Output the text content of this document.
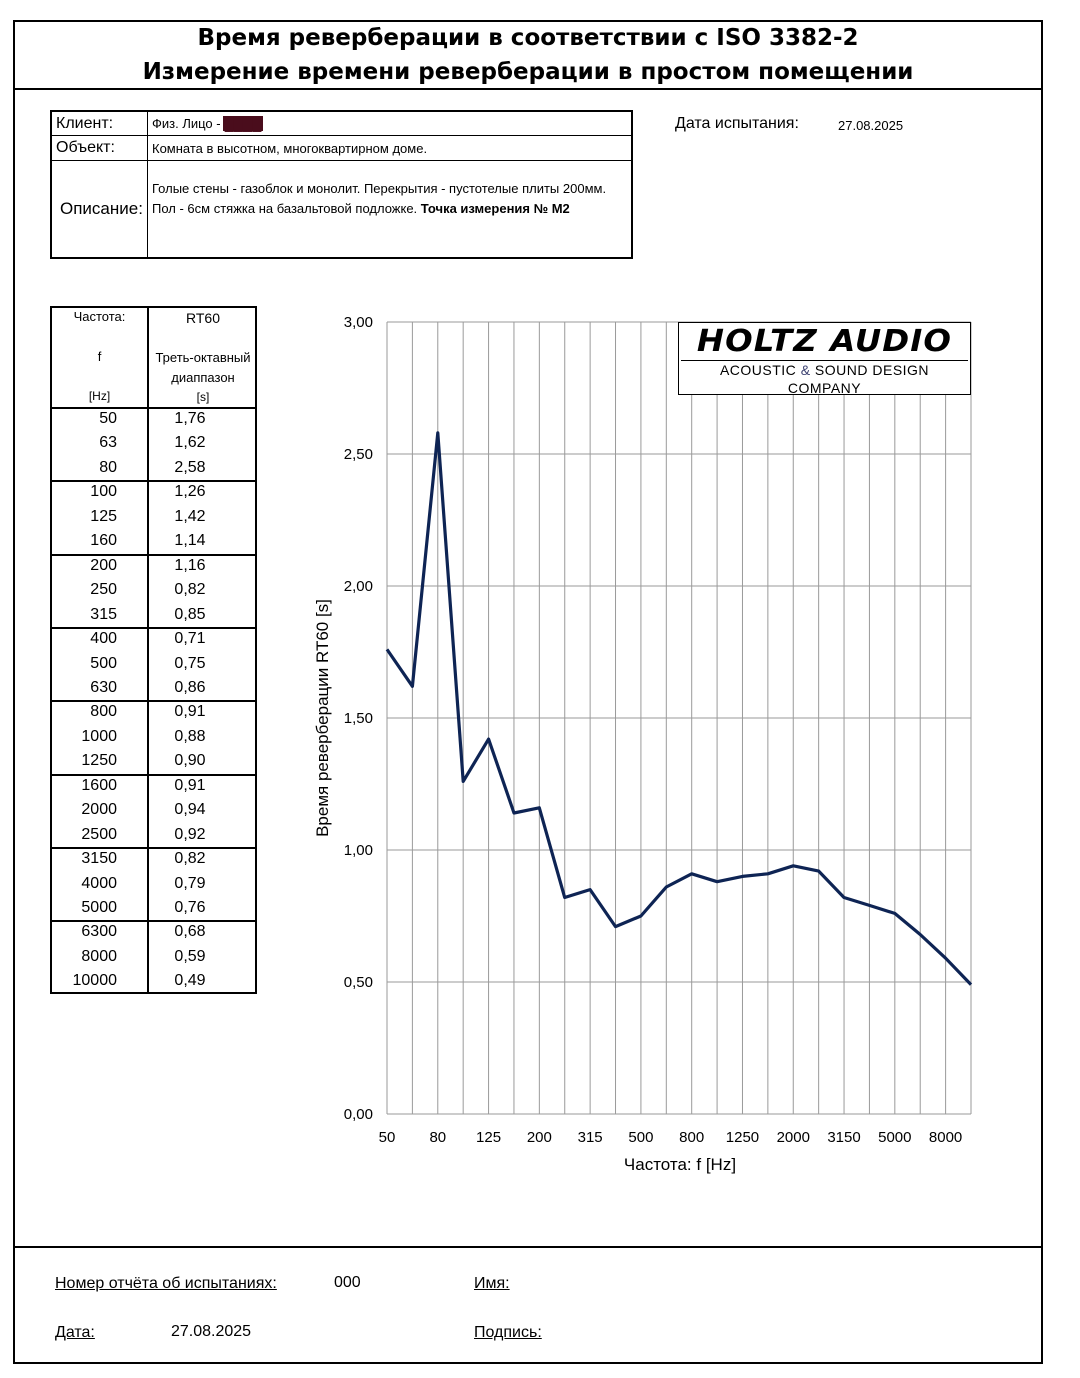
Время реверберации в соответствии с ISO 3382-2
Измерение времени реверберации в простом помещении
Клиент:	Физ. Лицо - ████
Объект:	Комната в высотном, многоквартирном доме.
Описание:
Голые стены - газоблок и монолит. Перекрытия - пустотелые плиты 200мм. Пол - 6см стяжка на базальтовой подложке. Точка измерения № М2
Дата испытания:	27.08.2025
Частота:
f
[Hz]
RT60
Треть-октавный
диаппазон
[s]
50	1,76
63	1,62
80	2,58
100	1,26
125	1,42
160	1,14
200	1,16
250	0,82
315	0,85
400	0,71
500	0,75
630	0,86
800	0,91
1000	0,88
1250	0,90
1600	0,91
2000	0,94
2500	0,92
3150	0,82
4000	0,79
5000	0,76
6300	0,68
8000	0,59
10000	0,49
0,00
0,50
1,00
1,50
2,00
2,50
3,00
50 80 125 200 315 500 800 1250 2000 3150 5000 8000
Частота: f [Hz]
Время реверберации RT60 [s]
HOLTZ AUDIO
ACOUSTIC & SOUND DESIGN
COMPANY
Номер отчёта об испытаниях:	000	Имя:
Дата:	27.08.2025	Подпись:
